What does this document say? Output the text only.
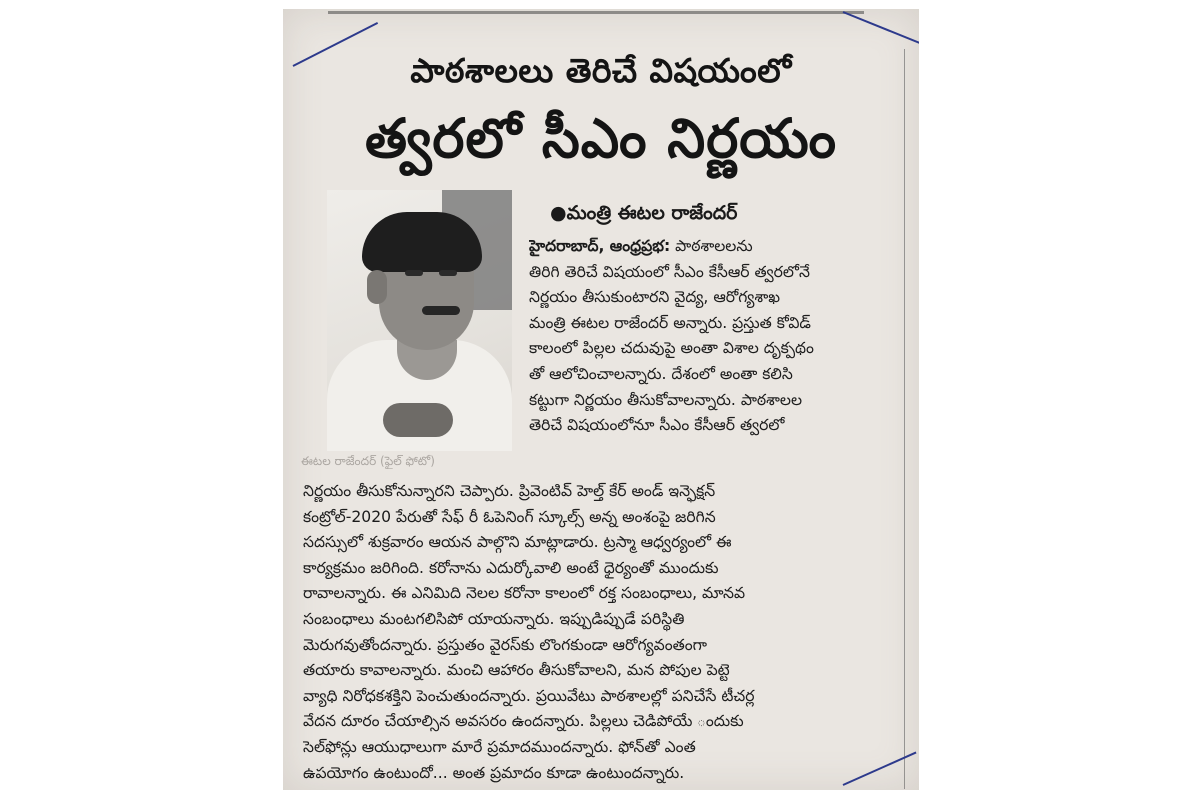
పాఠశాలలు తెరిచే విషయంలో
త్వరలో సీఎం నిర్ణయం
ఈటల రాజేందర్ (ఫైల్ ఫోటో)
●మంత్రి ఈటల రాజేందర్
హైదరాబాద్, ఆంధ్రప్రభ: పాఠశాలలను
తిరిగి తెరిచే విషయంలో సీఎం కేసీఆర్ త్వరలోనే
నిర్ణయం తీసుకుంటారని వైద్య, ఆరోగ్యశాఖ
మంత్రి ఈటల రాజేందర్ అన్నారు. ప్రస్తుత కోవిడ్
కాలంలో పిల్లల చదువుపై అంతా విశాల దృక్పథం
తో ఆలోచించాలన్నారు. దేశంలో అంతా కలిసి
కట్టుగా నిర్ణయం తీసుకోవాలన్నారు. పాఠశాలల
తెరిచే విషయంలోనూ సీఎం కేసీఆర్ త్వరలో
నిర్ణయం తీసుకోనున్నారని చెప్పారు. ప్రివెంటివ్ హెల్త్ కేర్ అండ్ ఇన్ఫెక్షన్
కంట్రోల్-2020 పేరుతో సేఫ్ రీ ఓపెనింగ్ స్కూల్స్ అన్న అంశంపై జరిగిన
సదస్సులో శుక్రవారం ఆయన పాల్గొని మాట్లాడారు. ట్రస్మా ఆధ్వర్యంలో ఈ
కార్యక్రమం జరిగింది. కరోనాను ఎదుర్కోవాలి అంటే ధైర్యంతో ముందుకు
రావాలన్నారు. ఈ ఎనిమిది నెలల కరోనా కాలంలో రక్త సంబంధాలు, మానవ
సంబంధాలు మంటగలిసిపో యాయన్నారు. ఇప్పుడిప్పుడే పరిస్థితి
మెరుగవుతోందన్నారు. ప్రస్తుతం వైరస్‌కు లొంగకుండా ఆరోగ్యవంతంగా
తయారు కావాలన్నారు. మంచి ఆహారం తీసుకోవాలని, మన పోపుల పెట్టె
వ్యాధి నిరోధకశక్తిని పెంచుతుందన్నారు. ప్రయివేటు పాఠశాలల్లో పనిచేసే టీచర్ల
వేదన దూరం చేయాల్సిన అవసరం ఉందన్నారు. పిల్లలు చెడిపోయే ందుకు
సెల్‌ఫోన్లు ఆయుధాలుగా మారే ప్రమాదముందన్నారు. ఫోన్‌తో ఎంత
ఉపయోగం ఉంటుందో... అంత ప్రమాదం కూడా ఉంటుందన్నారు.
